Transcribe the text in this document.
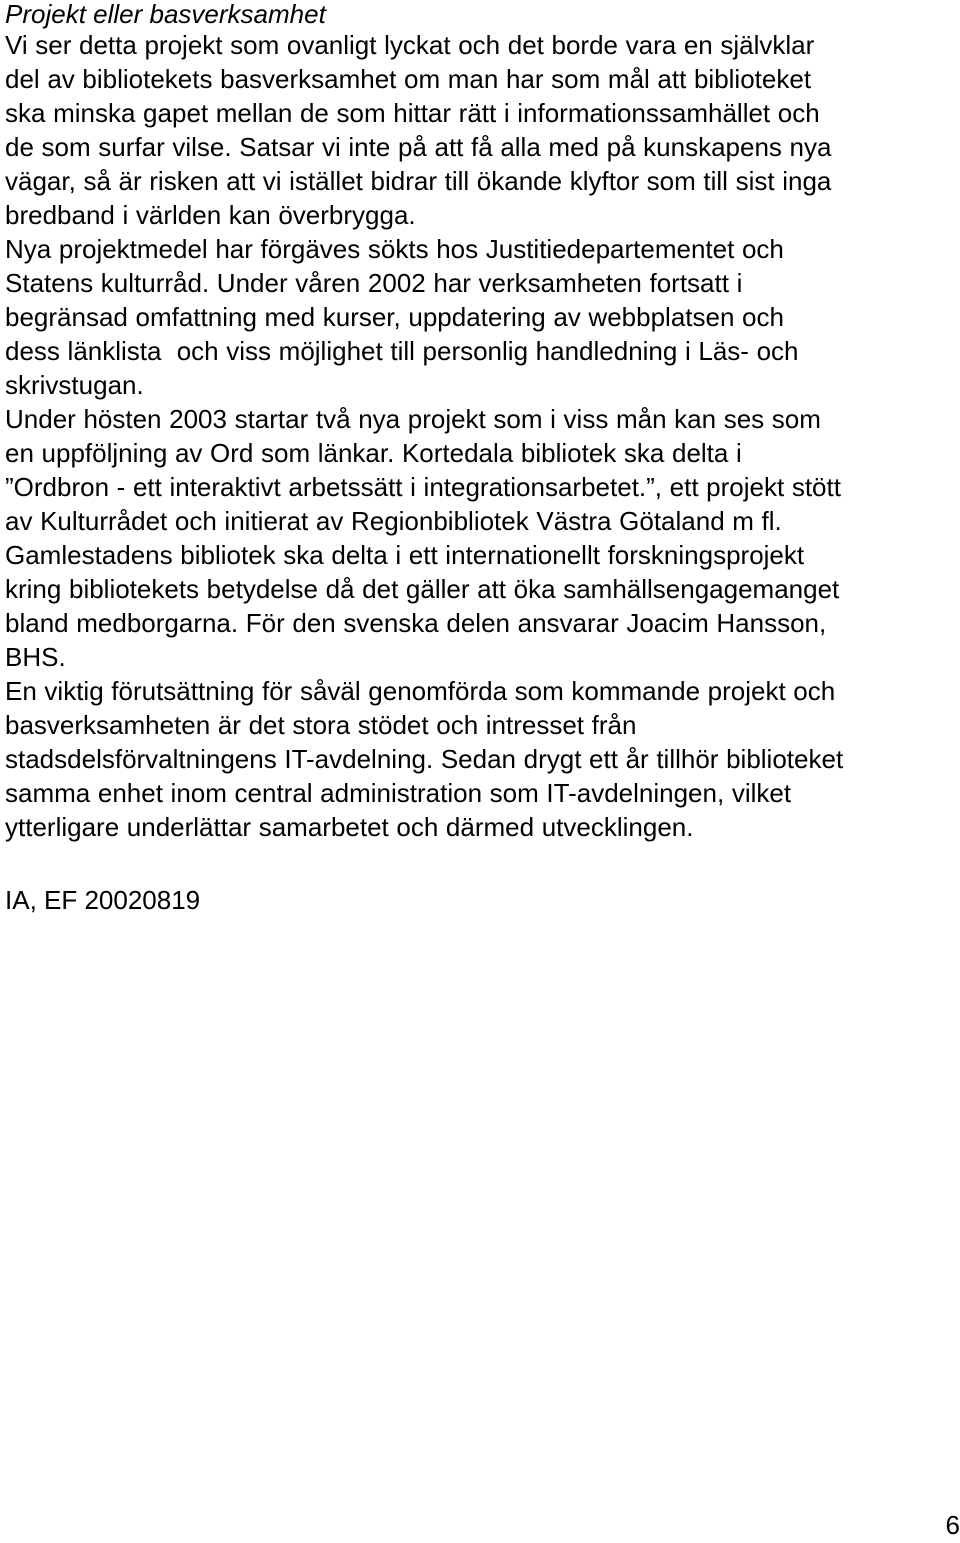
Projekt eller basverksamhet
Vi ser detta projekt som ovanligt lyckat och det borde vara en självklar
del av bibliotekets basverksamhet om man har som mål att biblioteket
ska minska gapet mellan de som hittar rätt i informationssamhället och
de som surfar vilse. Satsar vi inte på att få alla med på kunskapens nya
vägar, så är risken att vi istället bidrar till ökande klyftor som till sist inga
bredband i världen kan överbrygga.
Nya projektmedel har förgäves sökts hos Justitiedepartementet och
Statens kulturråd. Under våren 2002 har verksamheten fortsatt i
begränsad omfattning med kurser, uppdatering av webbplatsen och
dess länklista  och viss möjlighet till personlig handledning i Läs- och
skrivstugan.
Under hösten 2003 startar två nya projekt som i viss mån kan ses som
en uppföljning av Ord som länkar. Kortedala bibliotek ska delta i
”Ordbron - ett interaktivt arbetssätt i integrationsarbetet.”, ett projekt stött
av Kulturrådet och initierat av Regionbibliotek Västra Götaland m fl.
Gamlestadens bibliotek ska delta i ett internationellt forskningsprojekt
kring bibliotekets betydelse då det gäller att öka samhällsengagemanget
bland medborgarna. För den svenska delen ansvarar Joacim Hansson,
BHS.
En viktig förutsättning för såväl genomförda som kommande projekt och
basverksamheten är det stora stödet och intresset från
stadsdelsförvaltningens IT-avdelning. Sedan drygt ett år tillhör biblioteket
samma enhet inom central administration som IT-avdelningen, vilket
ytterligare underlättar samarbetet och därmed utvecklingen.
IA, EF 20020819
6
